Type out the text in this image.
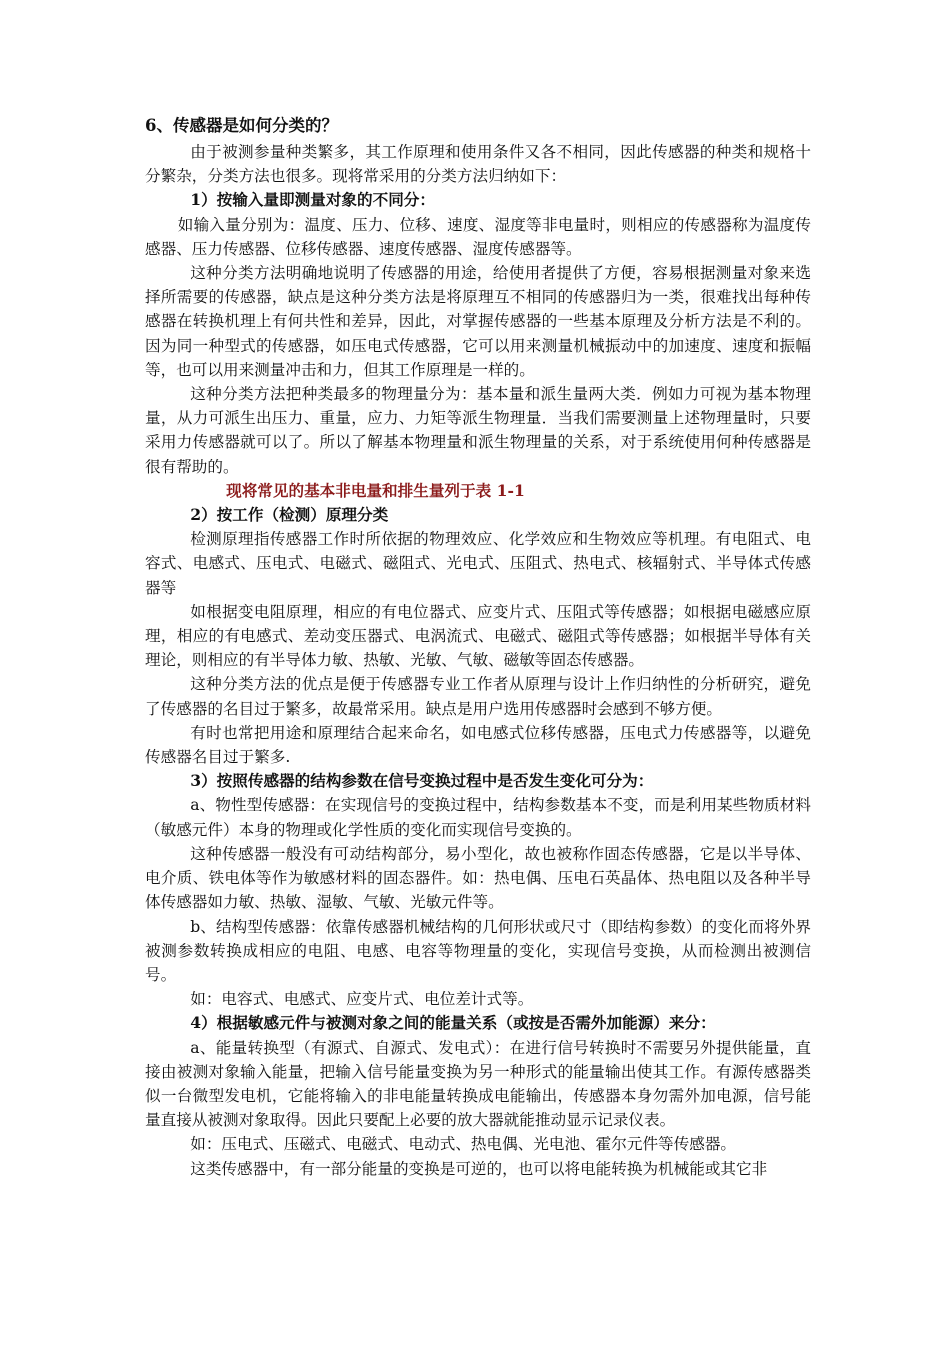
6、传感器是如何分类的？

由于被测参量种类繁多，其工作原理和使用条件又各不相同，因此传感器的种类和规格十分繁杂，分类方法也很多。现将常采用的分类方法归纳如下：

1）按输入量即测量对象的不同分：

如输入量分别为：温度、压力、位移、速度、湿度等非电量时，则相应的传感器称为温度传感器、压力传感器、位移传感器、速度传感器、湿度传感器等。

这种分类方法明确地说明了传感器的用途，给使用者提供了方便，容易根据测量对象来选择所需要的传感器，缺点是这种分类方法是将原理互不相同的传感器归为一类，很难找出每种传感器在转换机理上有何共性和差异，因此，对掌握传感器的一些基本原理及分析方法是不利的。因为同一种型式的传感器，如压电式传感器，它可以用来测量机械振动中的加速度、速度和振幅等，也可以用来测量冲击和力，但其工作原理是一样的。

这种分类方法把种类最多的物理量分为：基本量和派生量两大类．例如力可视为基本物理量，从力可派生出压力、重量，应力、力矩等派生物理量．当我们需要测量上述物理量时，只要采用力传感器就可以了。所以了解基本物理量和派生物理量的关系，对于系统使用何种传感器是很有帮助的。

现将常见的基本非电量和排生量列于表 1-1

2）按工作（检测）原理分类

检测原理指传感器工作时所依据的物理效应、化学效应和生物效应等机理。有电阻式、电容式、电感式、压电式、电磁式、磁阻式、光电式、压阻式、热电式、核辐射式、半导体式传感器等

如根据变电阻原理，相应的有电位器式、应变片式、压阻式等传感器；如根据电磁感应原理，相应的有电感式、差动变压器式、电涡流式、电磁式、磁阻式等传感器；如根据半导体有关理论，则相应的有半导体力敏、热敏、光敏、气敏、磁敏等固态传感器。

这种分类方法的优点是便于传感器专业工作者从原理与设计上作归纳性的分析研究，避免了传感器的名目过于繁多，故最常采用。缺点是用户选用传感器时会感到不够方便。

有时也常把用途和原理结合起来命名，如电感式位移传感器，压电式力传感器等，以避免传感器名目过于繁多.

3）按照传感器的结构参数在信号变换过程中是否发生变化可分为：

a、物性型传感器：在实现信号的变换过程中，结构参数基本不变，而是利用某些物质材料（敏感元件）本身的物理或化学性质的变化而实现信号变换的。

这种传感器一般没有可动结构部分，易小型化，故也被称作固态传感器，它是以半导体、电介质、铁电体等作为敏感材料的固态器件。如：热电偶、压电石英晶体、热电阻以及各种半导体传感器如力敏、热敏、湿敏、气敏、光敏元件等。

b、结构型传感器：依靠传感器机械结构的几何形状或尺寸（即结构参数）的变化而将外界被测参数转换成相应的电阻、电感、电容等物理量的变化，实现信号变换，从而检测出被测信号。

如：电容式、电感式、应变片式、电位差计式等。

4）根据敏感元件与被测对象之间的能量关系（或按是否需外加能源）来分：

a、能量转换型（有源式、自源式、发电式）：在进行信号转换时不需要另外提供能量，直接由被测对象输入能量，把输入信号能量变换为另一种形式的能量输出使其工作。有源传感器类似一台微型发电机，它能将输入的非电能量转换成电能输出，传感器本身勿需外加电源，信号能量直接从被测对象取得。因此只要配上必要的放大器就能推动显示记录仪表。

如：压电式、压磁式、电磁式、电动式、热电偶、光电池、霍尔元件等传感器。

这类传感器中，有一部分能量的变换是可逆的，也可以将电能转换为机械能或其它非
